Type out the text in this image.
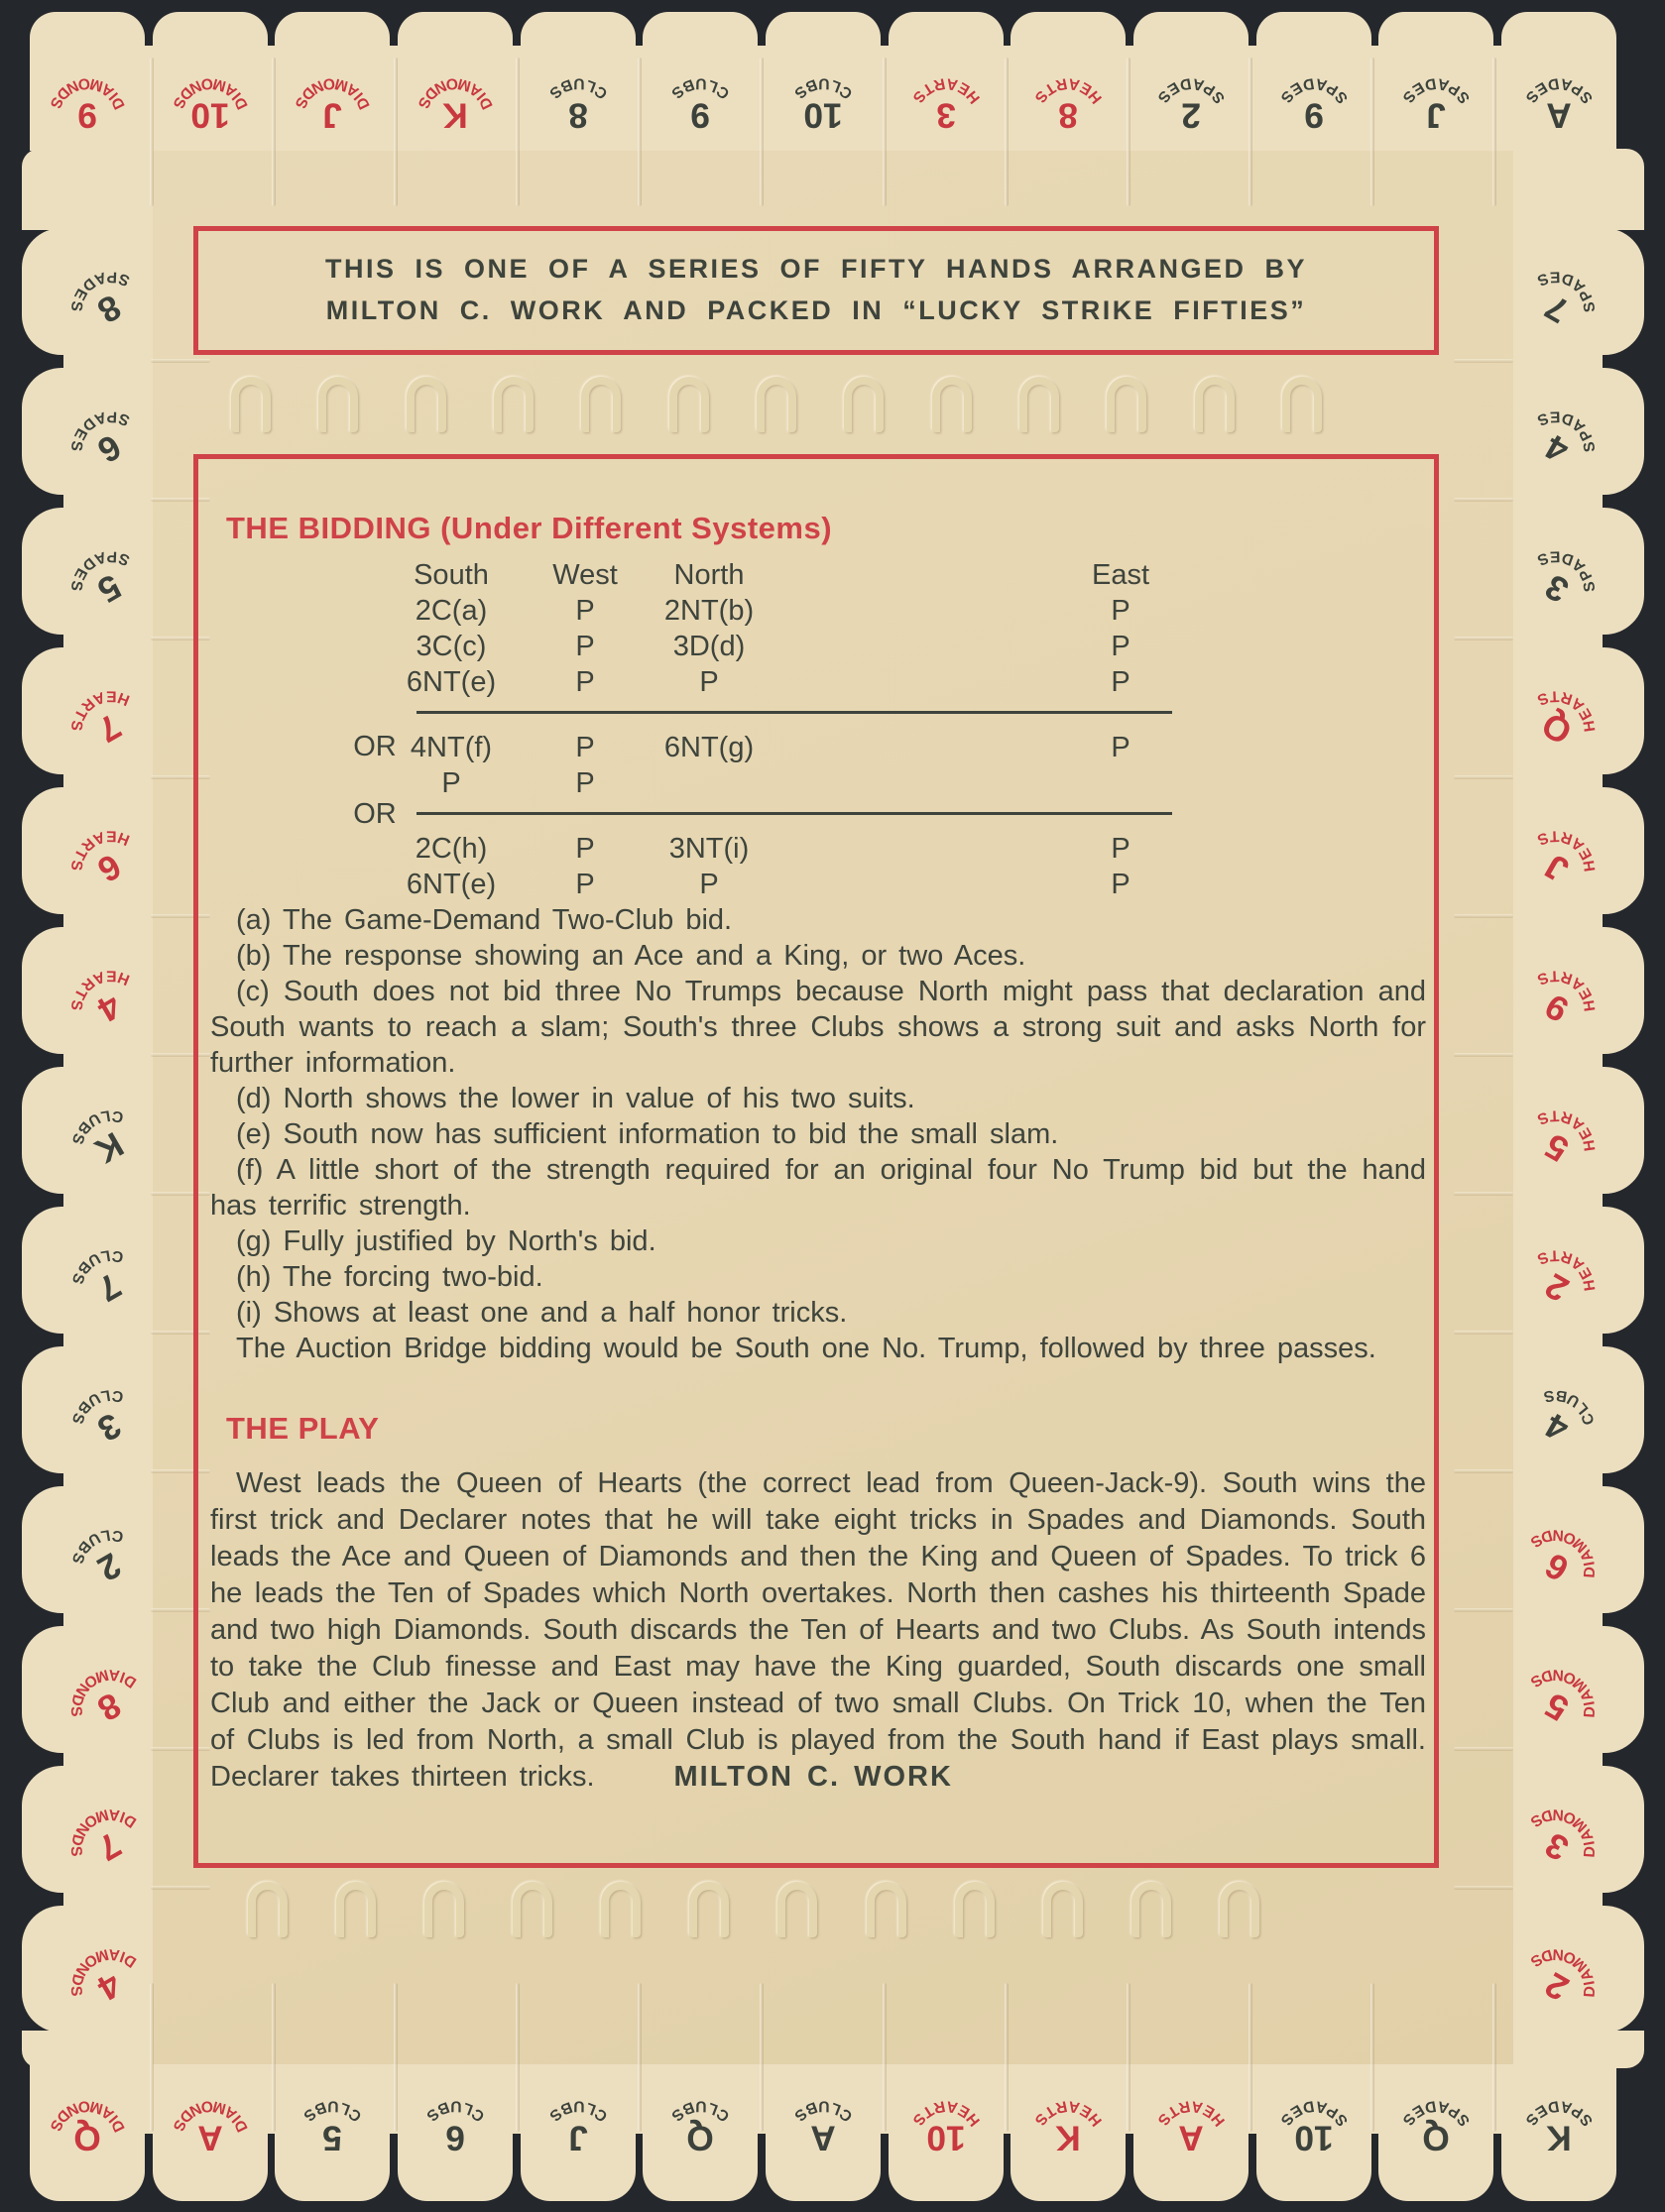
9 DIAMONDS	10 DIAMONDS	J DIAMONDS	K DIAMONDS	8
CLUBS
9
CLUBS
10
CLUBS
3 HEARTS	8 HEARTS	2 SPADES	9 SPADES	J SPADES	A SPADES
Q DIAMONDS	A DIAMONDS	5
CLUBS
6
CLUBS
J
CLUBS
Q
CLUBS
A
CLUBS
10
HEARTS	K HEARTS	A HEARTS	10
SPADES	Q SPADES	K SPADES
8
SPADES
6
SPADES
5
SPADES
7
HEARTS
6
HEARTS
4
HEARTS
K
CLUBS
7
CLUBS
3
CLUBS
2
CLUBS
8
DIAMONDS
7
DIAMONDS
4
DIAMONDS
7 SPADES
4 SPADES
3 SPADES
Q HEARTS
J HEARTS
9 HEARTS
5 HEARTS
2 HEARTS
4 CLUBS
6 DIAMONDS
5 DIAMONDS
3 DIAMONDS
2 DIAMONDS
THIS IS ONE OF A SERIES OF FIFTY HANDS ARRANGED BY
MILTON C. WORK AND PACKED IN “LUCKY STRIKE FIFTIES”
THE BIDDING (Under Different Systems)
South	West	North	East
2C(a)	P	2NT(b)	P
3C(c)	P	3D(d)	P
6NT(e)	P	P	P
OR 4NT(f)	P	6NT(g)	P
P	P
OR
2C(h)	P	3NT(i)	P
6NT(e)	P	P	P

(a) The Game-Demand Two-Club bid.

(b) The response showing an Ace and a King, or two Aces.

(c) South does not bid three No Trumps because North might pass that declaration and South wants to reach a slam; South's three Clubs shows a strong suit and asks North for further information.

(d) North shows the lower in value of his two suits.

(e) South now has sufficient information to bid the small slam.

(f) A little short of the strength required for an original four No Trump bid but the hand has terrific strength.

(g) Fully justified by North's bid.

(h) The forcing two-bid.

(i) Shows at least one and a half honor tricks.

The Auction Bridge bidding would be South one No. Trump, followed by three passes.

THE PLAY

West leads the Queen of Hearts (the correct lead from Queen-Jack-9). South wins the first trick and Declarer notes that he will take eight tricks in Spades and Diamonds. South leads the Ace and Queen of Diamonds and then the King and Queen of Spades. To trick 6 he leads the Ten of Spades which North overtakes. North then cashes his thirteenth Spade and two high Diamonds. South discards the Ten of Hearts and two Clubs. As South intends to take the Club finesse and East may have the King guarded, South discards one small Club and either the Jack or Queen instead of two small Clubs. On Trick 10, when the Ten of Clubs is led from North, a small Club is played from the South hand if East plays small. Declarer takes thirteen tricks.	MILTON C. WORK
